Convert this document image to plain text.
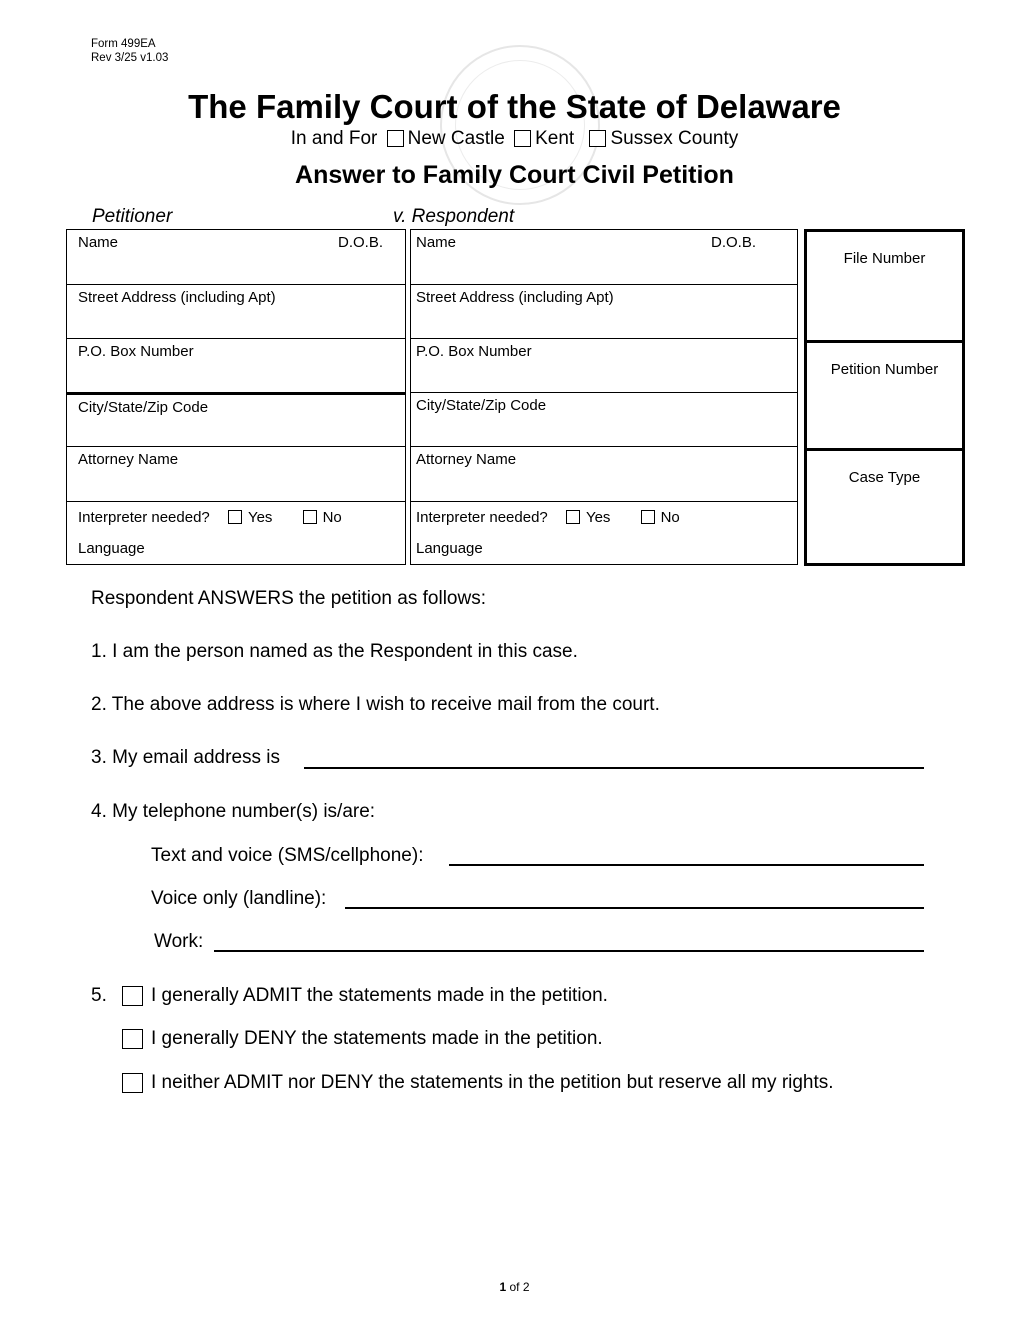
Form 499EA
Rev 3/25 v1.03
The Family Court of the State of Delaware
In and For New Castle Kent Sussex County
Answer to Family Court Civil Petition
Petitioner	v. Respondent
Name	D.O.B.
Street Address (including Apt)
P.O. Box Number
City/State/Zip Code
Attorney Name
Interpreter needed?	Yes	No
Language
Name	D.O.B.
Street Address (including Apt)
P.O. Box Number
City/State/Zip Code
Attorney Name
Interpreter needed?	Yes	No
Language
File Number
Petition Number
Case Type
Respondent ANSWERS the petition as follows:
1. I am the person named as the Respondent in this case.
2. The above address is where I wish to receive mail from the court.
3. My email address is
4. My telephone number(s) is/are:
Text and voice (SMS/cellphone):
Voice only (landline):
Work:
5. I generally ADMIT the statements made in the petition.
I generally DENY the statements made in the petition.
I neither ADMIT nor DENY the statements in the petition but reserve all my rights.
1 of 2
